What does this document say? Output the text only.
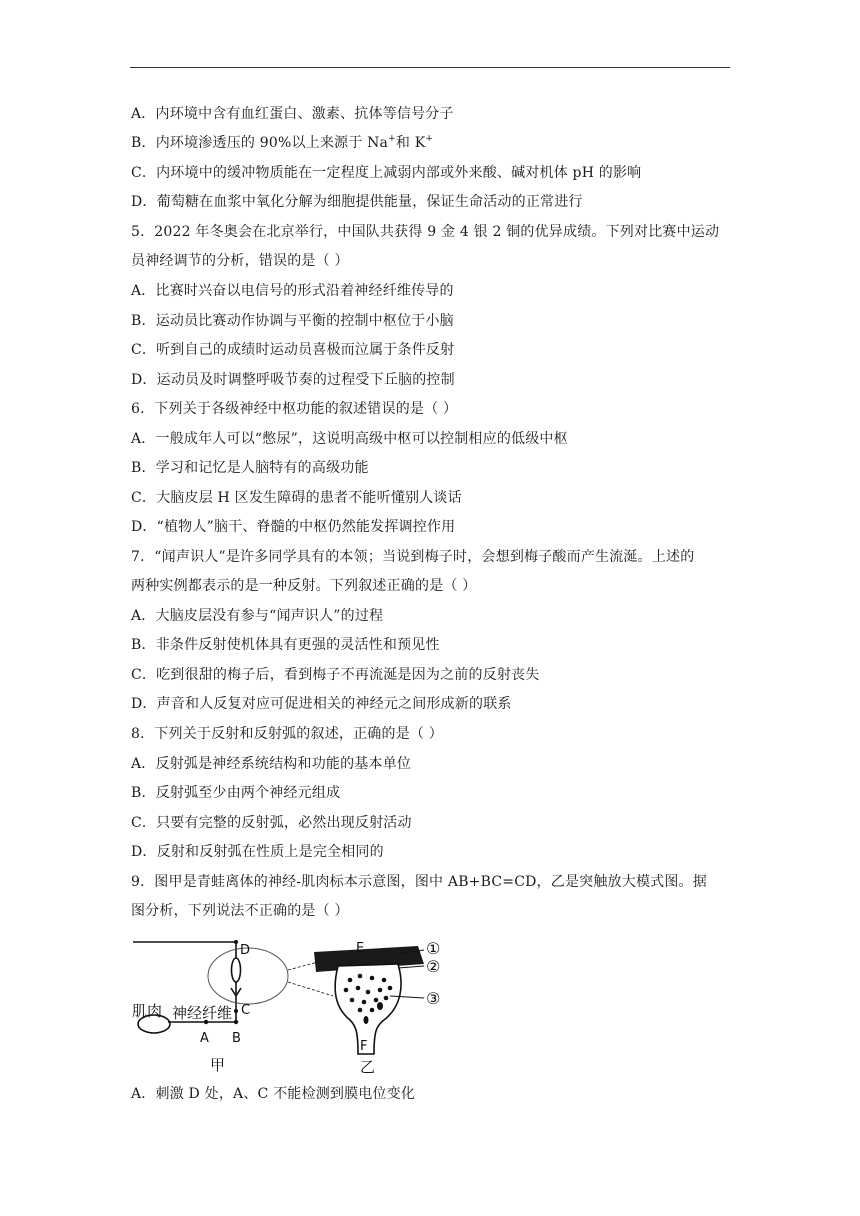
A．内环境中含有血红蛋白、激素、抗体等信号分子
B．内环境渗透压的 90%以上来源于 Na+和 K+
C．内环境中的缓冲物质能在一定程度上减弱内部或外来酸、碱对机体 pH 的影响
D．葡萄糖在血浆中氧化分解为细胞提供能量，保证生命活动的正常进行
5．2022 年冬奥会在北京举行，中国队共获得 9 金 4 银 2 铜的优异成绩。下列对比赛中运动
员神经调节的分析，错误的是（ ）
A．比赛时兴奋以电信号的形式沿着神经纤维传导的
B．运动员比赛动作协调与平衡的控制中枢位于小脑
C．听到自己的成绩时运动员喜极而泣属于条件反射
D．运动员及时调整呼吸节奏的过程受下丘脑的控制
6．下列关于各级神经中枢功能的叙述错误的是（ ）
A．一般成年人可以“憋尿”，这说明高级中枢可以控制相应的低级中枢
B．学习和记忆是人脑特有的高级功能
C．大脑皮层 H 区发生障碍的患者不能听懂别人谈话
D．“植物人”脑干、脊髓的中枢仍然能发挥调控作用
7．“闻声识人”是许多同学具有的本领；当说到梅子时，会想到梅子酸而产生流涎。上述的
两种实例都表示的是一种反射。下列叙述正确的是（ ）
A．大脑皮层没有参与“闻声识人”的过程
B．非条件反射使机体具有更强的灵活性和预见性
C．吃到很甜的梅子后，看到梅子不再流涎是因为之前的反射丧失
D．声音和人反复对应可促进相关的神经元之间形成新的联系
8．下列关于反射和反射弧的叙述，正确的是（ ）
A．反射弧是神经系统结构和功能的基本单位
B．反射弧至少由两个神经元组成
C．只要有完整的反射弧，必然出现反射活动
D．反射和反射弧在性质上是完全相同的
9．图甲是青蛙离体的神经-肌肉标本示意图，图中 AB+BC=CD，乙是突触放大模式图。据
图分析，下列说法不正确的是（ ）
D
C
A B
肌肉 神经纤维
甲
E
F
①
②
③
乙
A．刺激 D 处，A、C 不能检测到膜电位变化
